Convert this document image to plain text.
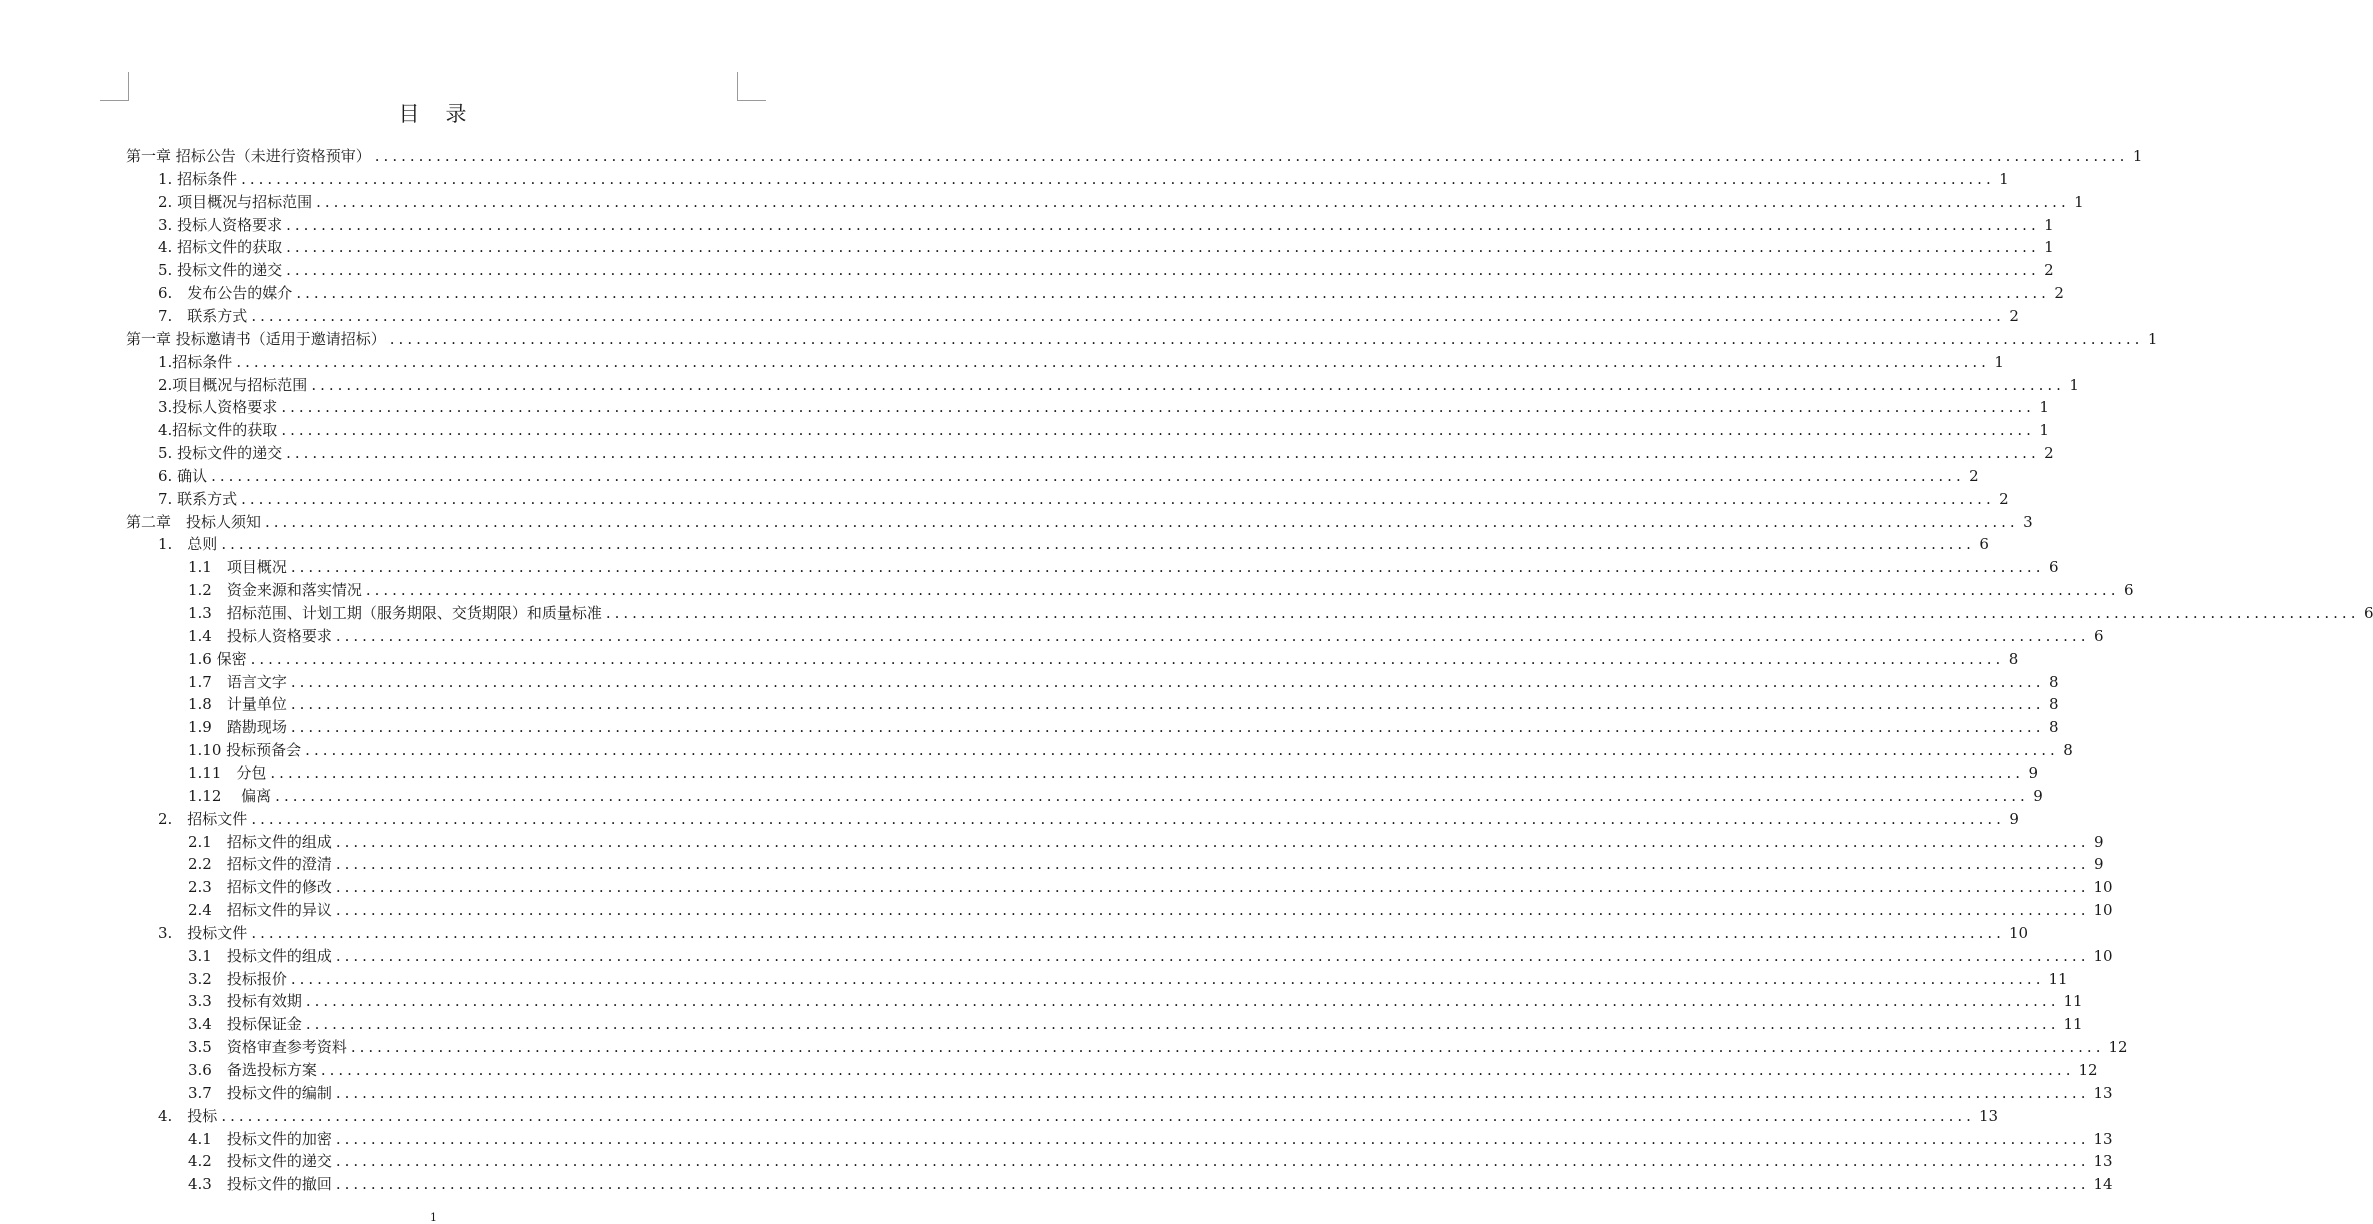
目 录
第一章 招标公告（未进行资格预审） ........................................................................................................................................................................................................ 1
1. 招标条件 ........................................................................................................................................................................................................ 1
2. 项目概况与招标范围 ........................................................................................................................................................................................................ 1
3. 投标人资格要求 ........................................................................................................................................................................................................ 1
4. 招标文件的获取 ........................................................................................................................................................................................................ 1
5. 投标文件的递交 ........................................................................................................................................................................................................ 2
6.　发布公告的媒介 ........................................................................................................................................................................................................ 2
7.　联系方式 ........................................................................................................................................................................................................ 2
第一章 投标邀请书（适用于邀请招标） ........................................................................................................................................................................................................ 1
1.招标条件 ........................................................................................................................................................................................................ 1
2.项目概况与招标范围 ........................................................................................................................................................................................................ 1
3.投标人资格要求 ........................................................................................................................................................................................................ 1
4.招标文件的获取 ........................................................................................................................................................................................................ 1
5. 投标文件的递交 ........................................................................................................................................................................................................ 2
6. 确认 ........................................................................................................................................................................................................ 2
7. 联系方式 ........................................................................................................................................................................................................ 2
第二章　投标人须知 ........................................................................................................................................................................................................ 3
1.　总则 ........................................................................................................................................................................................................ 6
1.1　项目概况 ........................................................................................................................................................................................................ 6
1.2　资金来源和落实情况 ........................................................................................................................................................................................................ 6
1.3　招标范围、计划工期（服务期限、交货期限）和质量标准 ........................................................................................................................................................................................................ 6
1.4　投标人资格要求 ........................................................................................................................................................................................................ 6
1.6 保密 ........................................................................................................................................................................................................ 8
1.7　语言文字 ........................................................................................................................................................................................................ 8
1.8　计量单位 ........................................................................................................................................................................................................ 8
1.9　踏勘现场 ........................................................................................................................................................................................................ 8
1.10 投标预备会 ........................................................................................................................................................................................................ 8
1.11　分包 ........................................................................................................................................................................................................ 9
1.12　 偏离 ........................................................................................................................................................................................................ 9
2.　招标文件 ........................................................................................................................................................................................................ 9
2.1　招标文件的组成 ........................................................................................................................................................................................................ 9
2.2　招标文件的澄清 ........................................................................................................................................................................................................ 9
2.3　招标文件的修改 ........................................................................................................................................................................................................ 10
2.4　招标文件的异议 ........................................................................................................................................................................................................ 10
3.　投标文件 ........................................................................................................................................................................................................ 10
3.1　投标文件的组成 ........................................................................................................................................................................................................ 10
3.2　投标报价 ........................................................................................................................................................................................................ 11
3.3　投标有效期 ........................................................................................................................................................................................................ 11
3.4　投标保证金 ........................................................................................................................................................................................................ 11
3.5　资格审查参考资料 ........................................................................................................................................................................................................ 12
3.6　备选投标方案 ........................................................................................................................................................................................................ 12
3.7　投标文件的编制 ........................................................................................................................................................................................................ 13
4.　投标 ........................................................................................................................................................................................................ 13
4.1　投标文件的加密 ........................................................................................................................................................................................................ 13
4.2　投标文件的递交 ........................................................................................................................................................................................................ 13
4.3　投标文件的撤回 ........................................................................................................................................................................................................ 14
1
